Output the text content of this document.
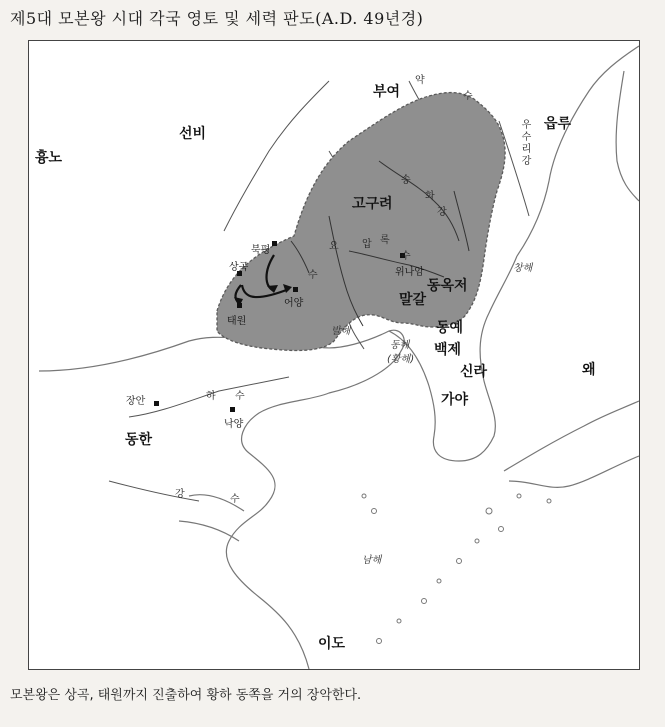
제5대 모본왕 시대 각국 영토 및 세력 판도(A.D. 49년경)
부여
읍루
선비
흉노
고구려
동옥저
말갈
동예
백제
신라
가야
왜
동한
이도
북평
상곡
어양
태원
위나암
장안
낙양
약
수
우수리강
송
화
강
압 록
수
요
수
하 수
강	수
창해
발해
동해
(황해)
남해
모본왕은 상곡, 태원까지 진출하여 황하 동쪽을 거의 장악한다.
